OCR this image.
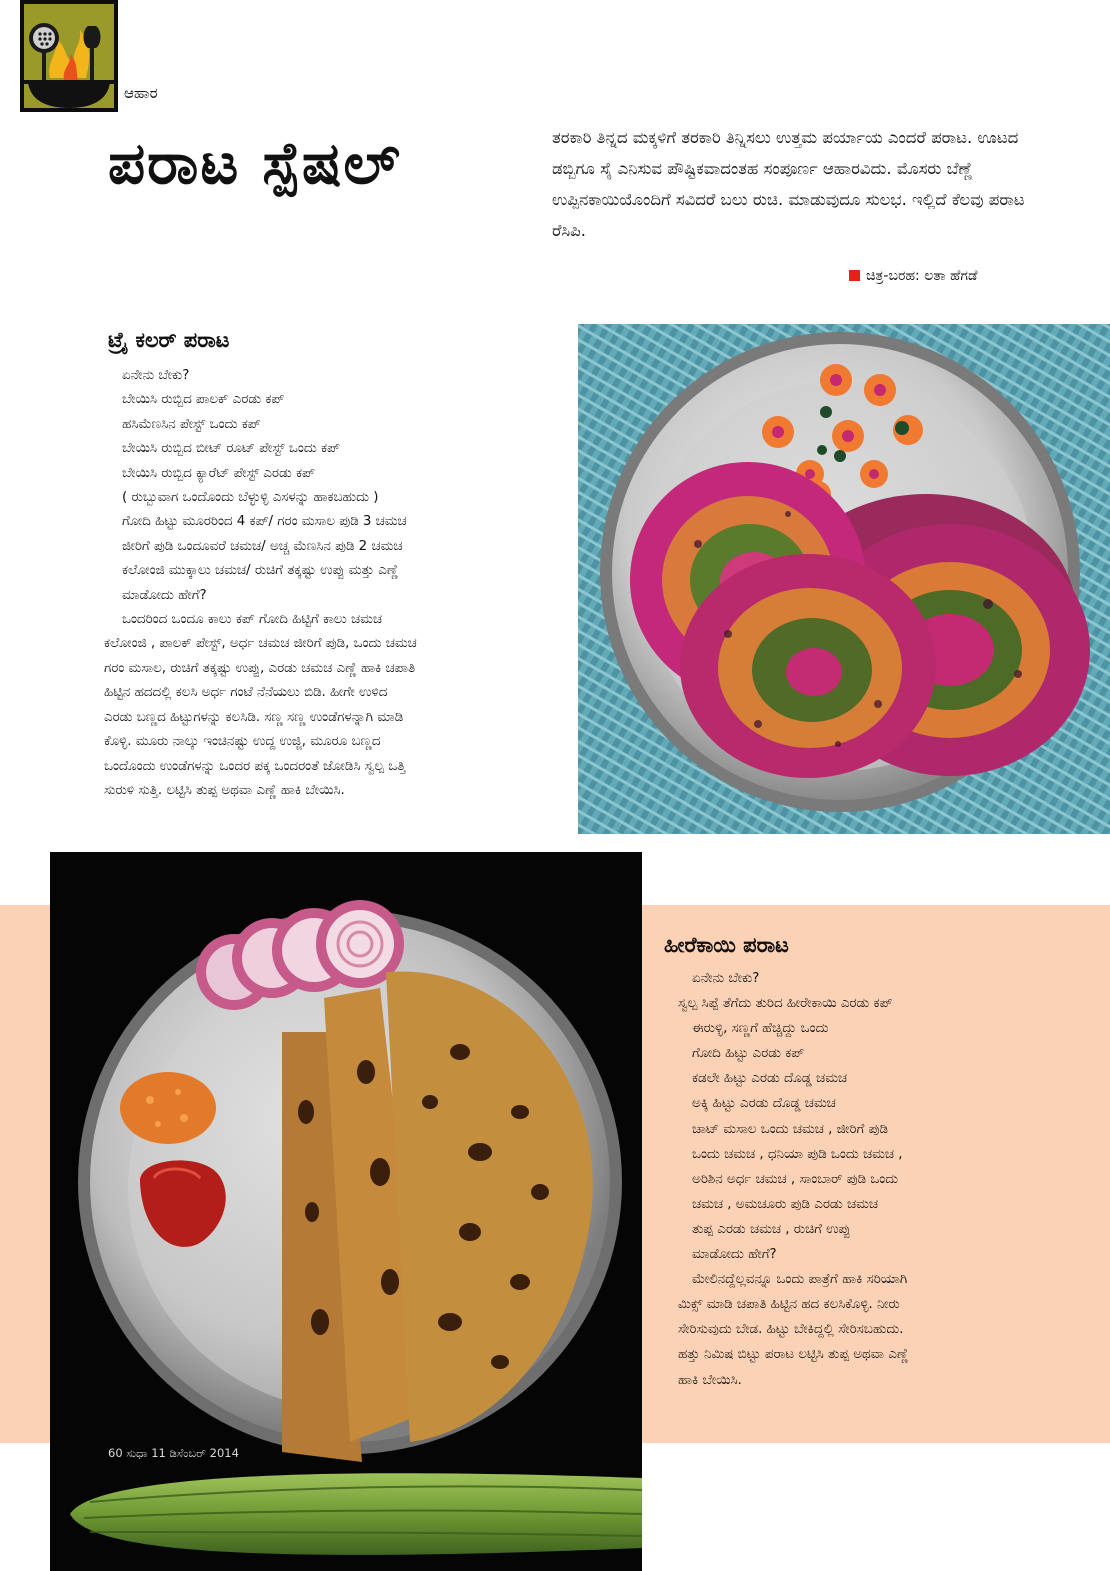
ಆಹಾರ
ಪರಾಟ ಸ್ಪೆಷಲ್	ತರಕಾರಿ ತಿನ್ನದ ಮಕ್ಕಳಿಗೆ ತರಕಾರಿ ತಿನ್ನಿಸಲು ಉತ್ತಮ ಪರ್ಯಾಯ ಎಂದರೆ ಪರಾಟ. ಊಟದ ಡಬ್ಬಿಗೂ ಸೈ ಎನಿಸುವ ಪೌಷ್ಟಿಕವಾದಂತಹ ಸಂಪೂರ್ಣ ಆಹಾರವಿದು. ಮೊಸರು ಬೆಣ್ಣೆ ಉಪ್ಪಿನಕಾಯಿಯೊಂದಿಗೆ ಸವಿದರೆ ಬಲು ರುಚಿ. ಮಾಡುವುದೂ ಸುಲಭ. ಇಲ್ಲಿದೆ ಕೆಲವು ಪರಾಟ ರೆಸಿಪಿ.
ಚಿತ್ರ-ಬರಹ: ಲತಾ ಹೆಗಡೆ
ಟ್ರೈ ಕಲರ್ ಪರಾಟ

ಏನೇನು ಬೇಕು?

ಬೇಯಿಸಿ ರುಬ್ಬಿದ ಪಾಲಕ್ ಎರಡು ಕಪ್

ಹಸಿಮೆಣಸಿನ ಪೇಸ್ಟ್ ಒಂದು ಕಪ್

ಬೇಯಿಸಿ ರುಬ್ಬಿದ ಬೀಟ್ ರೂಟ್ ಪೇಸ್ಟ್ ಒಂದು ಕಪ್

ಬೇಯಿಸಿ ರುಬ್ಬಿದ ಕ್ಯಾರೆಟ್ ಪೇಸ್ಟ್ ಎರಡು ಕಪ್

( ರುಬ್ಬುವಾಗ ಒಂದೊಂದು ಬೆಳ್ಳುಳ್ಳಿ ಎಸಳನ್ನು ಹಾಕಬಹುದು )

ಗೋದಿ ಹಿಟ್ಟು ಮೂರರಿಂದ 4 ಕಪ್/ ಗರಂ ಮಸಾಲ ಪುಡಿ 3 ಚಮಚ

ಜೀರಿಗೆ ಪುಡಿ ಒಂದೂವರೆ ಚಮಚ/ ಅಚ್ಚ ಮೆಣಸಿನ ಪುಡಿ 2 ಚಮಚ

ಕಲೋಂಜಿ ಮುಕ್ಕಾಲು ಚಮಚ/ ರುಚಿಗೆ ತಕ್ಕಷ್ಟು ಉಪ್ಪು ಮತ್ತು ಎಣ್ಣೆ

ಮಾಡೋದು ಹೇಗೆ?

ಒಂದರಿಂದ ಒಂದೂ ಕಾಲು ಕಪ್ ಗೋದಿ ಹಿಟ್ಟಿಗೆ ಕಾಲು ಚಮಚ

ಕಲೋಂಜಿ , ಪಾಲಕ್ ಪೇಸ್ಟ್, ಅರ್ಧ ಚಮಚ ಜೀರಿಗೆ ಪುಡಿ, ಒಂದು ಚಮಚ

ಗರಂ ಮಸಾಲ, ರುಚಿಗೆ ತಕ್ಕಷ್ಟು ಉಪ್ಪು, ಎರಡು ಚಮಚ ಎಣ್ಣೆ ಹಾಕಿ ಚಪಾತಿ

ಹಿಟ್ಟಿನ ಹದದಲ್ಲಿ ಕಲಸಿ ಅರ್ಧ ಗಂಟೆ ನೆನೆಯಲು ಬಿಡಿ. ಹೀಗೇ ಉಳಿದ

ಎರಡು ಬಣ್ಣದ ಹಿಟ್ಟುಗಳನ್ನು ಕಲಸಿಡಿ. ಸಣ್ಣ ಸಣ್ಣ ಉಂಡೆಗಳನ್ನಾಗಿ ಮಾಡಿ

ಕೊಳ್ಳಿ. ಮೂರು ನಾಲ್ಕು ಇಂಚಿನಷ್ಟು ಉದ್ದ ಉಜ್ಜಿ, ಮೂರೂ ಬಣ್ಣದ

ಒಂದೊಂದು ಉಂಡೆಗಳನ್ನು ಒಂದರ ಪಕ್ಕ ಒಂದರಂತೆ ಜೋಡಿಸಿ ಸ್ವಲ್ಪ ಒತ್ತಿ

ಸುರುಳಿ ಸುತ್ತಿ. ಲಟ್ಟಿಸಿ ತುಪ್ಪ ಅಥವಾ ಎಣ್ಣೆ ಹಾಕಿ ಬೇಯಿಸಿ.

ಹೀರೆಕಾಯಿ ಪರಾಟ

ಏನೇನು ಬೇಕು?

ಸ್ವಲ್ಪ ಸಿಪ್ಪೆ ತೆಗೆದು ತುರಿದ ಹೀರೇಕಾಯಿ ಎರಡು ಕಪ್

ಈರುಳ್ಳಿ, ಸಣ್ಣಗೆ ಹೆಚ್ಚಿದ್ದು ಒಂದು

ಗೋದಿ ಹಿಟ್ಟು ಎರಡು ಕಪ್

ಕಡಲೇ ಹಿಟ್ಟು ಎರಡು ದೊಡ್ಡ ಚಮಚ

ಅಕ್ಕಿ ಹಿಟ್ಟು ಎರಡು ದೊಡ್ಡ ಚಮಚ

ಚಾಟ್ ಮಸಾಲ ಒಂದು ಚಮಚ , ಜೀರಿಗೆ ಪುಡಿ

ಒಂದು ಚಮಚ , ಧನಿಯಾ ಪುಡಿ ಒಂದು ಚಮಚ ,

ಅರಿಶಿನ ಅರ್ಧ ಚಮಚ , ಸಾಂಬಾರ್ ಪುಡಿ ಒಂದು

ಚಮಚ , ಅಮಚೂರು ಪುಡಿ ಎರಡು ಚಮಚ

ತುಪ್ಪ ಎರಡು ಚಮಚ , ರುಚಿಗೆ ಉಪ್ಪು

ಮಾಡೋದು ಹೇಗೆ?

ಮೇಲಿನದ್ದೆಲ್ಲವನ್ನೂ ಒಂದು ಪಾತ್ರೆಗೆ ಹಾಕಿ ಸರಿಯಾಗಿ

ಮಿಕ್ಸ್ ಮಾಡಿ ಚಪಾತಿ ಹಿಟ್ಟಿನ ಹದ ಕಲಸಿಕೊಳ್ಳಿ. ನೀರು

ಸೇರಿಸುವುದು ಬೇಡ. ಹಿಟ್ಟು ಬೇಕಿದ್ದಲ್ಲಿ ಸೇರಿಸಬಹುದು.

ಹತ್ತು ನಿಮಿಷ ಬಿಟ್ಟು ಪರಾಟ ಲಟ್ಟಿಸಿ ತುಪ್ಪ ಅಥವಾ ಎಣ್ಣೆ

ಹಾಕಿ ಬೇಯಿಸಿ.

60 ಸುಧಾ 11 ಡಿಸೆಂಬರ್ 2014
